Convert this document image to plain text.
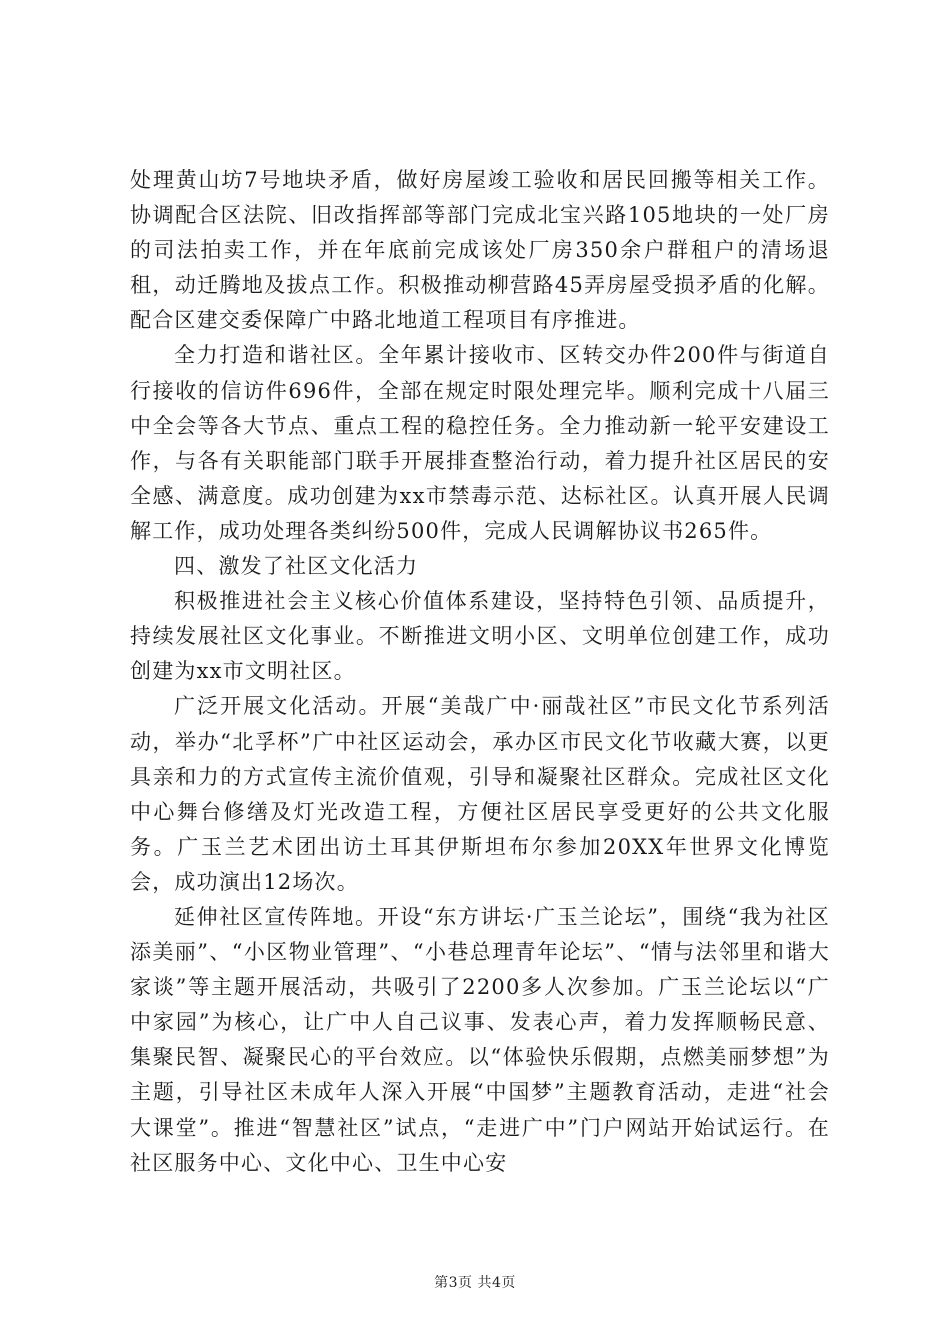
处理黄山坊7号地块矛盾，做好房屋竣工验收和居民回搬等相关工作。协调配合区法院、旧改指挥部等部门完成北宝兴路105地块的一处厂房的司法拍卖工作，并在年底前完成该处厂房350余户群租户的清场退租，动迁腾地及拔点工作。积极推动柳营路45弄房屋受损矛盾的化解。配合区建交委保障广中路北地道工程项目有序推进。

全力打造和谐社区。全年累计接收市、区转交办件200件与街道自行接收的信访件696件，全部在规定时限处理完毕。顺利完成十八届三中全会等各大节点、重点工程的稳控任务。全力推动新一轮平安建设工作，与各有关职能部门联手开展排查整治行动，着力提升社区居民的安全感、满意度。成功创建为xx市禁毒示范、达标社区。认真开展人民调解工作，成功处理各类纠纷500件，完成人民调解协议书265件。

四、激发了社区文化活力

积极推进社会主义核心价值体系建设，坚持特色引领、品质提升，持续发展社区文化事业。不断推进文明小区、文明单位创建工作，成功创建为xx市文明社区。

广泛开展文化活动。开展“美哉广中·丽哉社区”市民文化节系列活动，举办“北孚杯”广中社区运动会，承办区市民文化节收藏大赛，以更具亲和力的方式宣传主流价值观，引导和凝聚社区群众。完成社区文化中心舞台修缮及灯光改造工程，方便社区居民享受更好的公共文化服务。广玉兰艺术团出访土耳其伊斯坦布尔参加20XX年世界文化博览会，成功演出12场次。

延伸社区宣传阵地。开设“东方讲坛·广玉兰论坛”，围绕“我为社区添美丽”、“小区物业管理”、“小巷总理青年论坛”、“情与法邻里和谐大家谈”等主题开展活动，共吸引了2200多人次参加。广玉兰论坛以“广中家园”为核心，让广中人自己议事、发表心声，着力发挥顺畅民意、集聚民智、凝聚民心的平台效应。以“体验快乐假期，点燃美丽梦想”为主题，引导社区未成年人深入开展“中国梦”主题教育活动，走进“社会大课堂”。推进“智慧社区”试点，“走进广中”门户网站开始试运行。在社区服务中心、文化中心、卫生中心安

第3页 共4页
